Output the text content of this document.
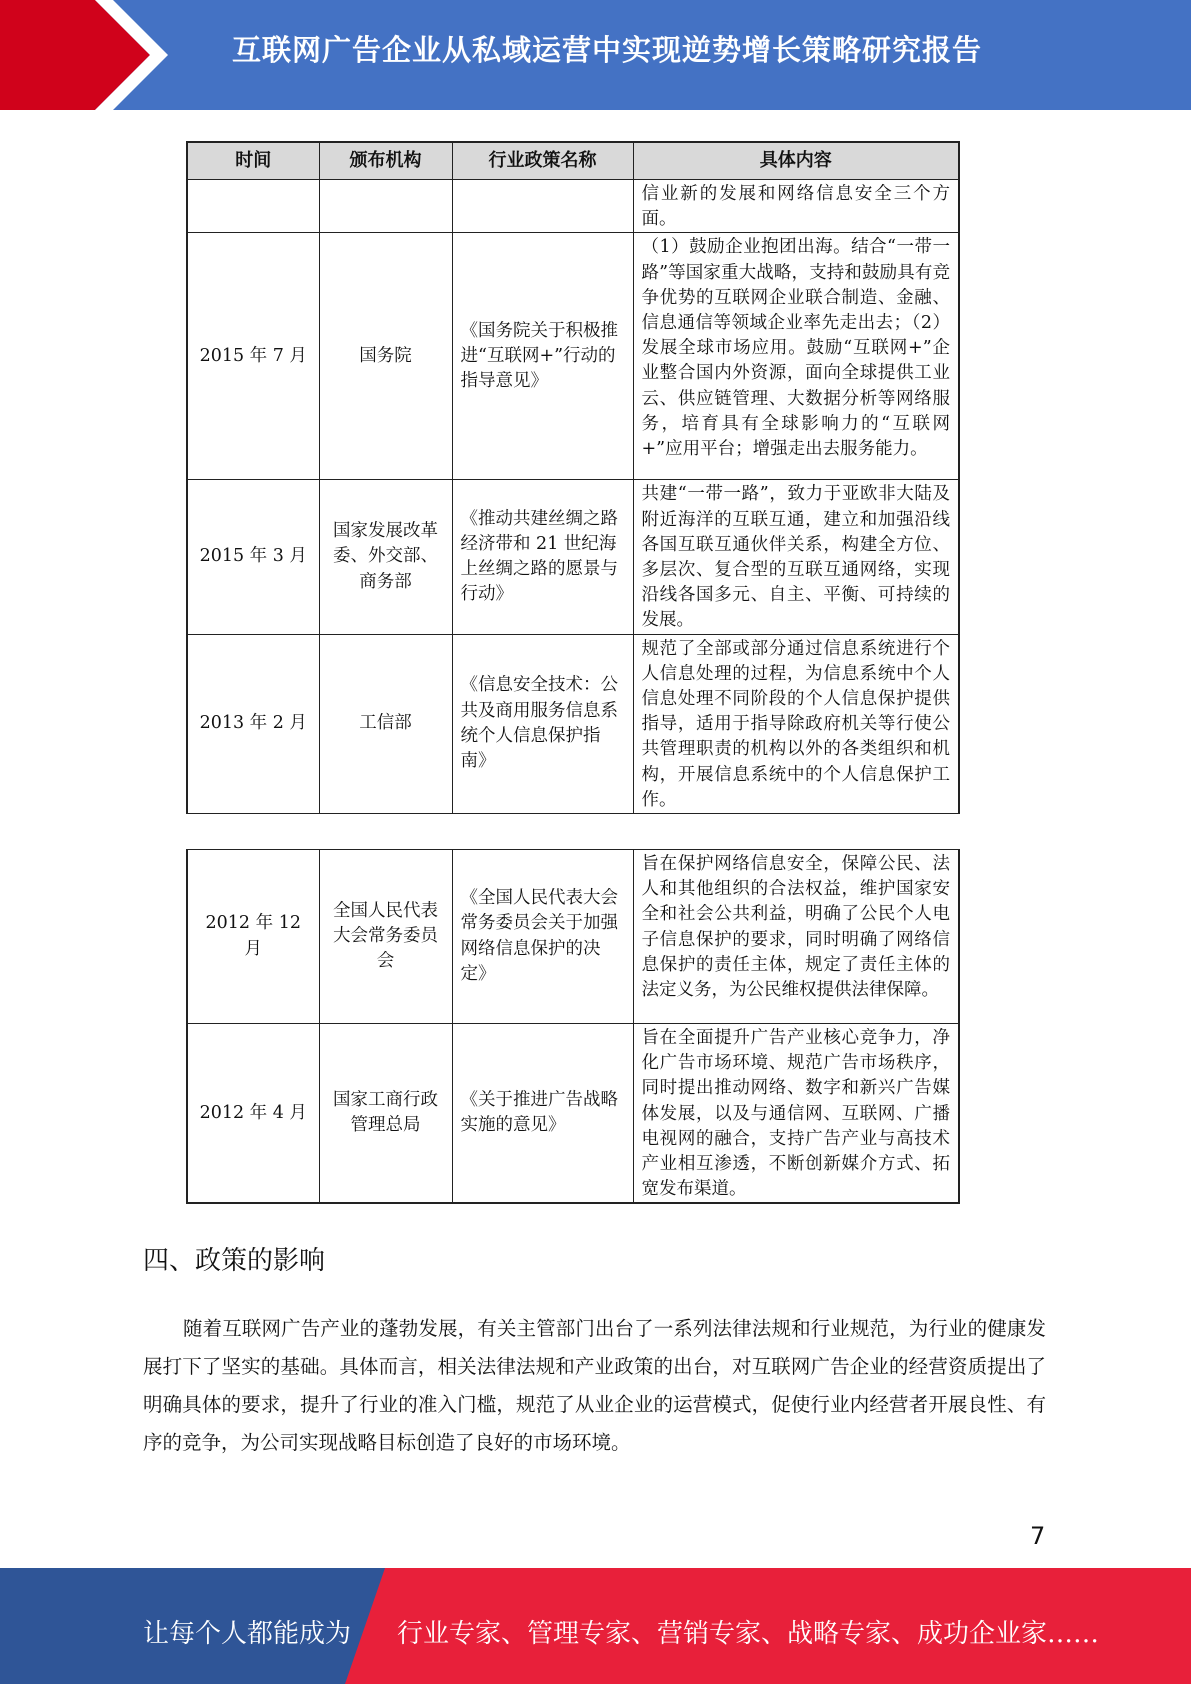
互联网广告企业从私域运营中实现逆势增长策略研究报告
时间	颁布机构	行业政策名称	具体内容
			信业新的发展和网络信息安全三个方面。
2015 年 7 月	国务院	《国务院关于积极推进“互联网+”行动的指导意见》	（1）鼓励企业抱团出海。结合“一带一路”等国家重大战略，支持和鼓励具有竞争优势的互联网企业联合制造、金融、信息通信等领域企业率先走出去；（2）发展全球市场应用。鼓励“互联网+”企业整合国内外资源，面向全球提供工业云、供应链管理、大数据分析等网络服务，培育具有全球影响力的“互联网+”应用平台；增强走出去服务能力。
2015 年 3 月	国家发展改革委、外交部、商务部	《推动共建丝绸之路经济带和 21 世纪海上丝绸之路的愿景与行动》	共建“一带一路”，致力于亚欧非大陆及附近海洋的互联互通，建立和加强沿线各国互联互通伙伴关系，构建全方位、多层次、复合型的互联互通网络，实现沿线各国多元、自主、平衡、可持续的发展。
2013 年 2 月	工信部	《信息安全技术：公共及商用服务信息系统个人信息保护指南》	规范了全部或部分通过信息系统进行个人信息处理的过程，为信息系统中个人信息处理不同阶段的个人信息保护提供指导，适用于指导除政府机关等行使公共管理职责的机构以外的各类组织和机构，开展信息系统中的个人信息保护工作。
2012 年 12 月	全国人民代表大会常务委员会	《全国人民代表大会常务委员会关于加强网络信息保护的决定》	旨在保护网络信息安全，保障公民、法人和其他组织的合法权益，维护国家安全和社会公共利益，明确了公民个人电子信息保护的要求，同时明确了网络信息保护的责任主体，规定了责任主体的法定义务，为公民维权提供法律保障。
2012 年 4 月	国家工商行政管理总局	《关于推进广告战略实施的意见》	旨在全面提升广告产业核心竞争力，净化广告市场环境、规范广告市场秩序，同时提出推动网络、数字和新兴广告媒体发展，以及与通信网、互联网、广播电视网的融合，支持广告产业与高技术产业相互渗透，不断创新媒介方式、拓宽发布渠道。
四、政策的影响

随着互联网广告产业的蓬勃发展，有关主管部门出台了一系列法律法规和行业规范，为行业的健康发展打下了坚实的基础。具体而言，相关法律法规和产业政策的出台，对互联网广告企业的经营资质提出了明确具体的要求，提升了行业的准入门槛，规范了从业企业的运营模式，促使行业内经营者开展良性、有序的竞争，为公司实现战略目标创造了良好的市场环境。

7
让每个人都能成为 行业专家、管理专家、营销专家、战略专家、成功企业家……
